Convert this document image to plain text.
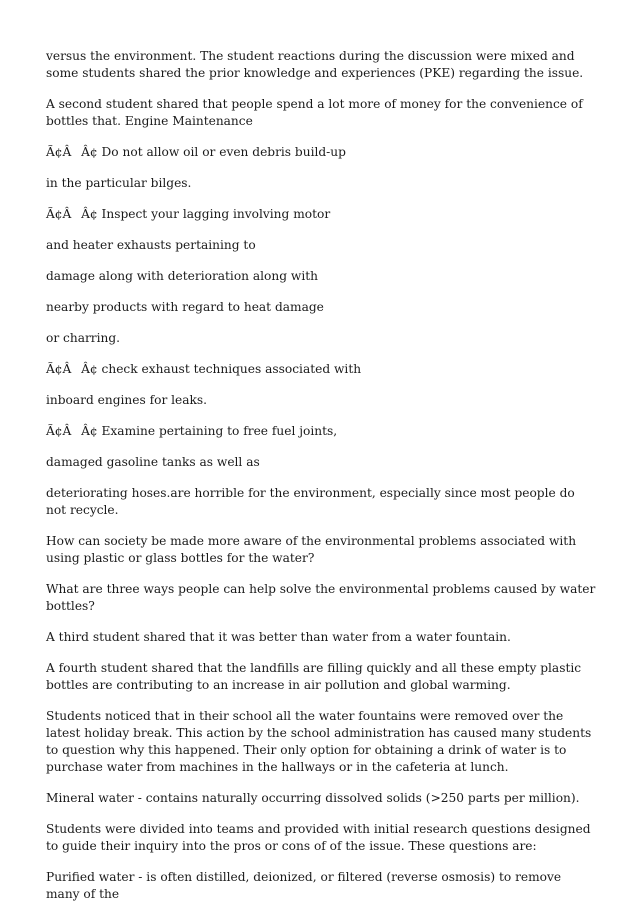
versus the environment. The student reactions during the discussion were mixed and some students shared the prior knowledge and experiences (PKE) regarding the issue.

A second student shared that people spend a lot more of money for the convenience of bottles that. Engine Maintenance

Ã¢ÂÂ¢ Do not allow oil or even debris build-up

in the particular bilges.

Ã¢ÂÂ¢ Inspect your lagging involving motor

and heater exhausts pertaining to

damage along with deterioration along with

nearby products with regard to heat damage

or charring.

Ã¢ÂÂ¢ check exhaust techniques associated with

inboard engines for leaks.

Ã¢ÂÂ¢ Examine pertaining to free fuel joints,

damaged gasoline tanks as well as

deteriorating hoses.are horrible for the environment, especially since most people do not recycle.

How can society be made more aware of the environmental problems associated with using plastic or glass bottles for the water?

What are three ways people can help solve the environmental problems caused by water bottles?

A third student shared that it was better than water from a water fountain.

A fourth student shared that the landfills are filling quickly and all these empty plastic bottles are contributing to an increase in air pollution and global warming.

Students noticed that in their school all the water fountains were removed over the latest holiday break. This action by the school administration has caused many students to question why this happened. Their only option for obtaining a drink of water is to purchase water from machines in the hallways or in the cafeteria at lunch.

Mineral water - contains naturally occurring dissolved solids (>250 parts per million).

Students were divided into teams and provided with initial research questions designed to guide their inquiry into the pros or cons of of the issue. These questions are:

Purified water - is often distilled, deionized, or filtered (reverse osmosis) to remove many of the
